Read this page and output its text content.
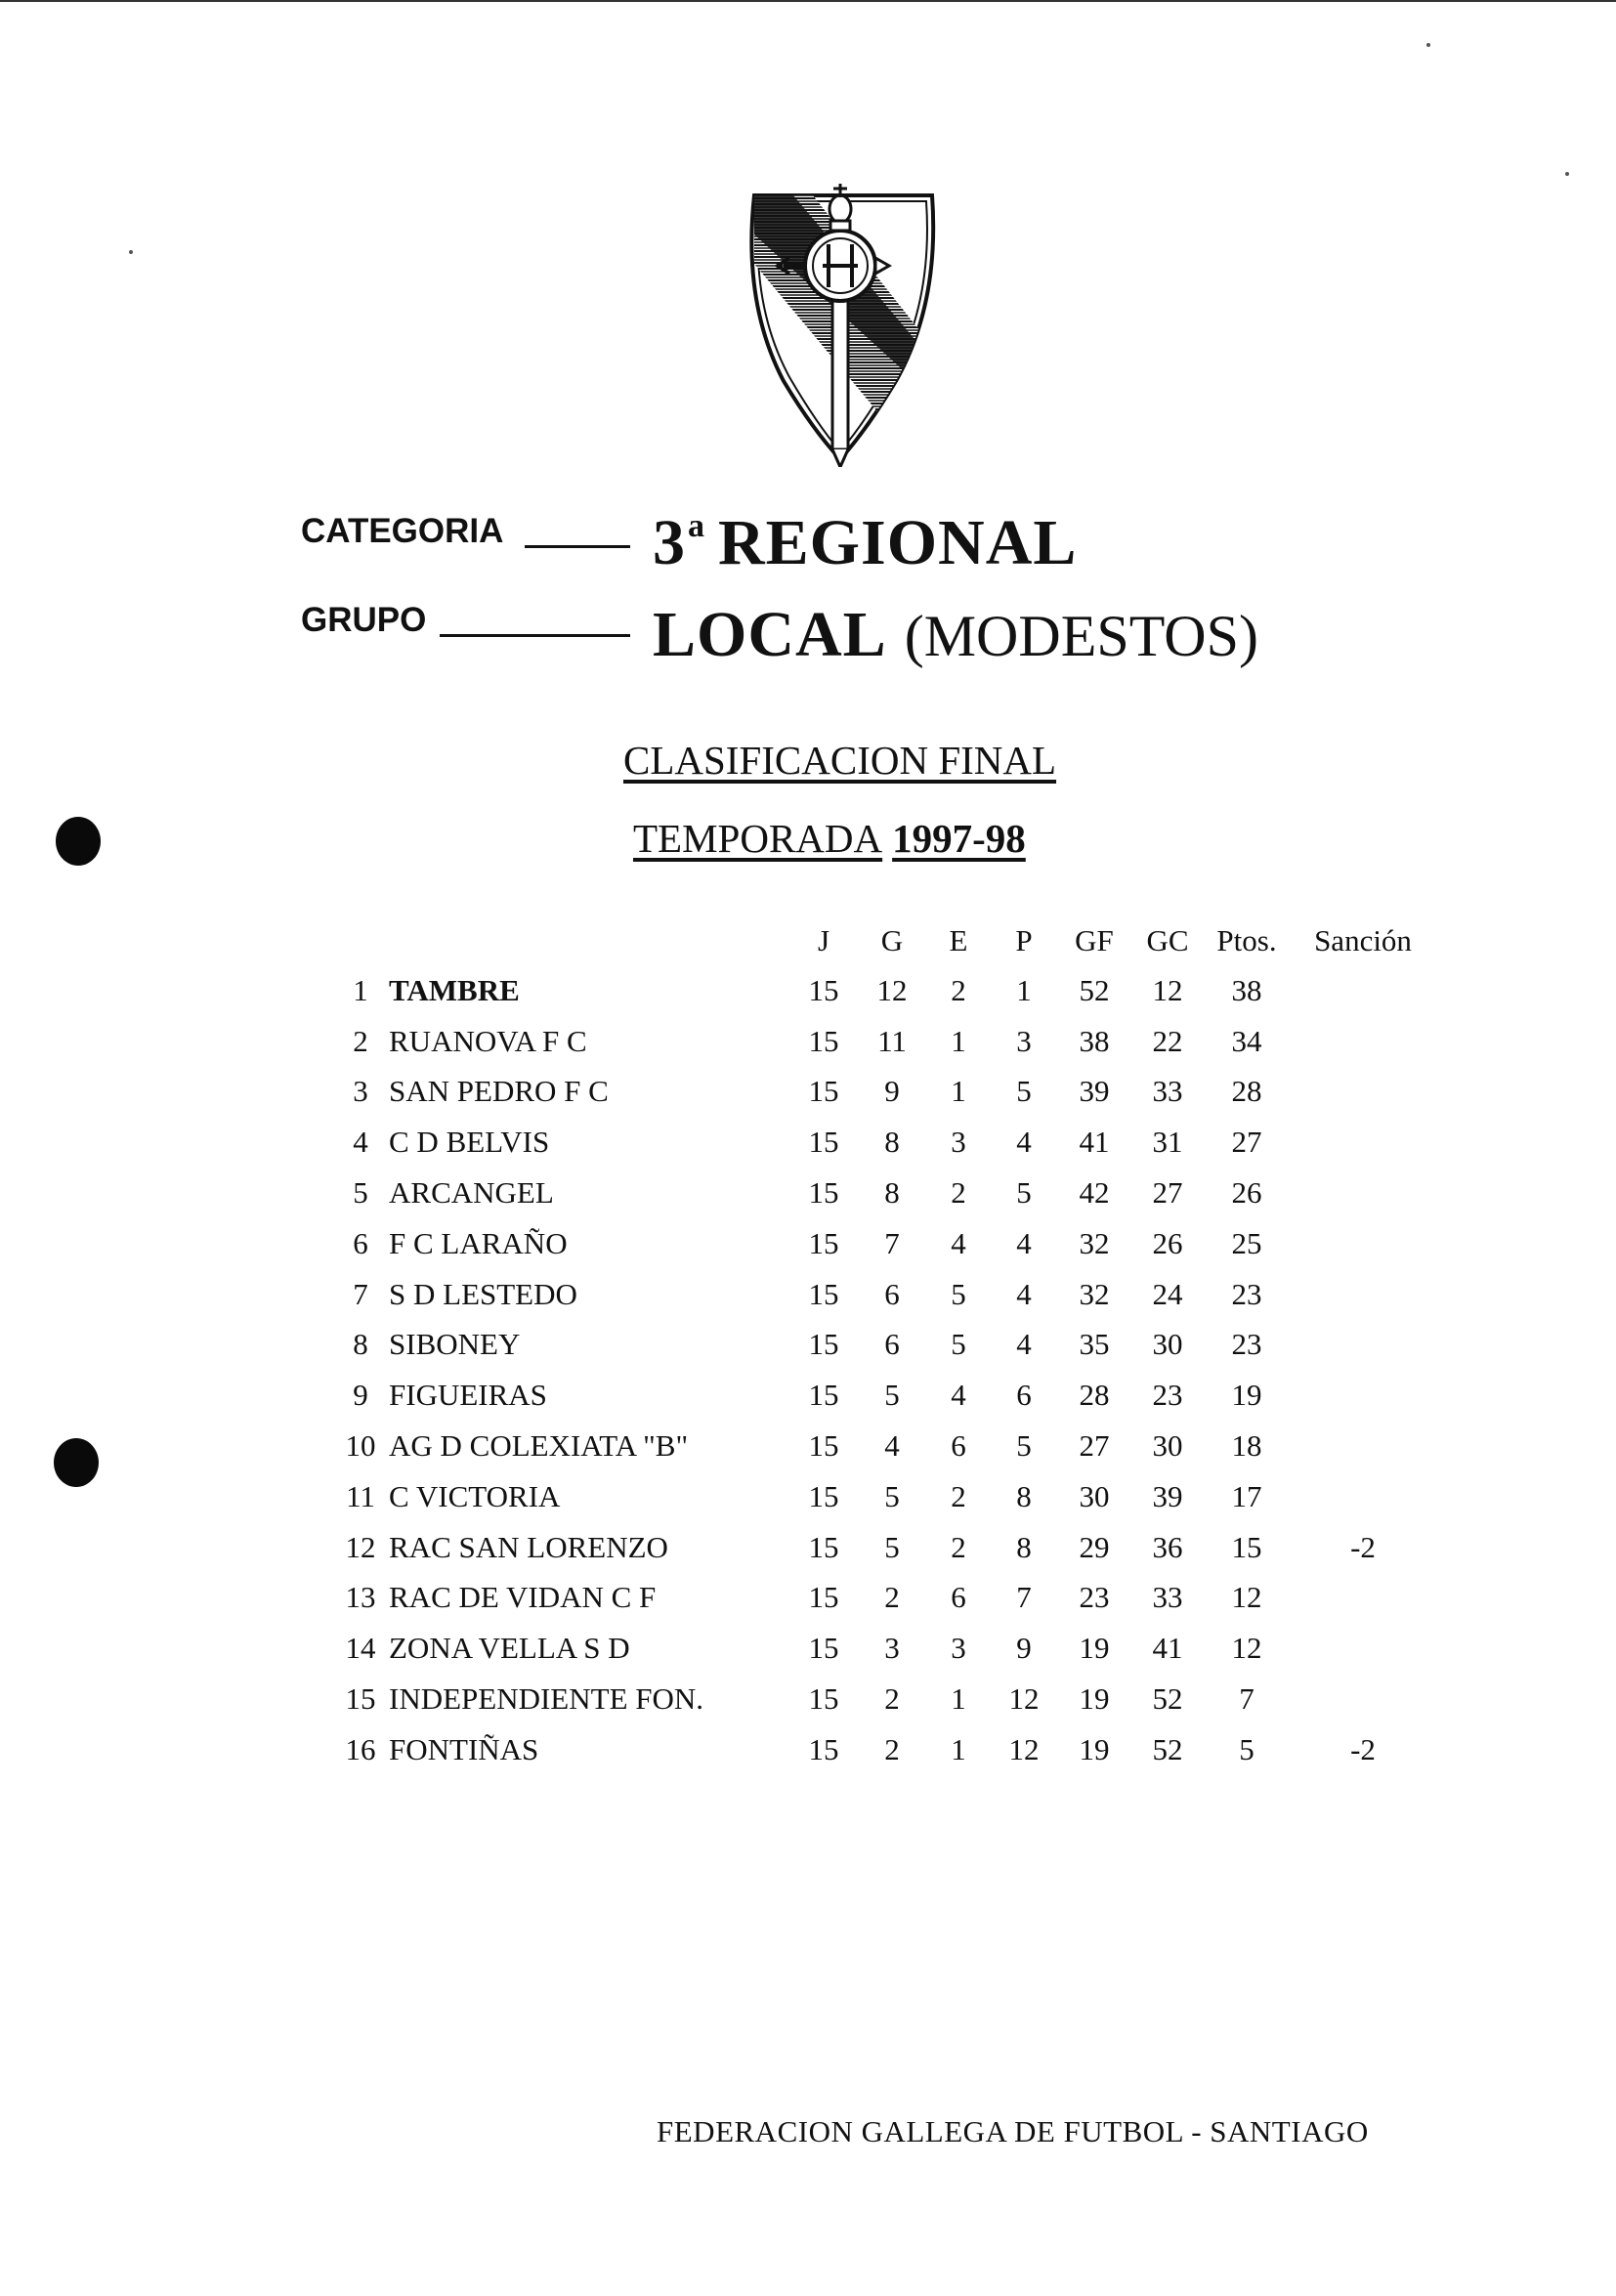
CATEGORIA 3$^a$ REGIONAL
GRUPO	LOCAL (MODESTOS)
CLASIFICACION FINAL
TEMPORADA 1997-98
		J	G	E	P	GF	GC	Ptos.	Sanción
1	TAMBRE	15	12	2	1	52	12	38	
2	RUANOVA F C	15	11	1	3	38	22	34	
3	SAN PEDRO F C	15	9	1	5	39	33	28	
4	C D BELVIS	15	8	3	4	41	31	27	
5	ARCANGEL	15	8	2	5	42	27	26	
6	F C LARAÑO	15	7	4	4	32	26	25	
7	S D LESTEDO	15	6	5	4	32	24	23	
8	SIBONEY	15	6	5	4	35	30	23	
9	FIGUEIRAS	15	5	4	6	28	23	19	
10	AG D COLEXIATA "B"	15	4	6	5	27	30	18	
11	C VICTORIA	15	5	2	8	30	39	17	
12	RAC SAN LORENZO	15	5	2	8	29	36	15	-2
13	RAC DE VIDAN C F	15	2	6	7	23	33	12	
14	ZONA VELLA S D	15	3	3	9	19	41	12	
15	INDEPENDIENTE FON.	15	2	1	12	19	52	7	
16	FONTIÑAS	15	2	1	12	19	52	5	-2
FEDERACION GALLEGA DE FUTBOL - SANTIAGO
